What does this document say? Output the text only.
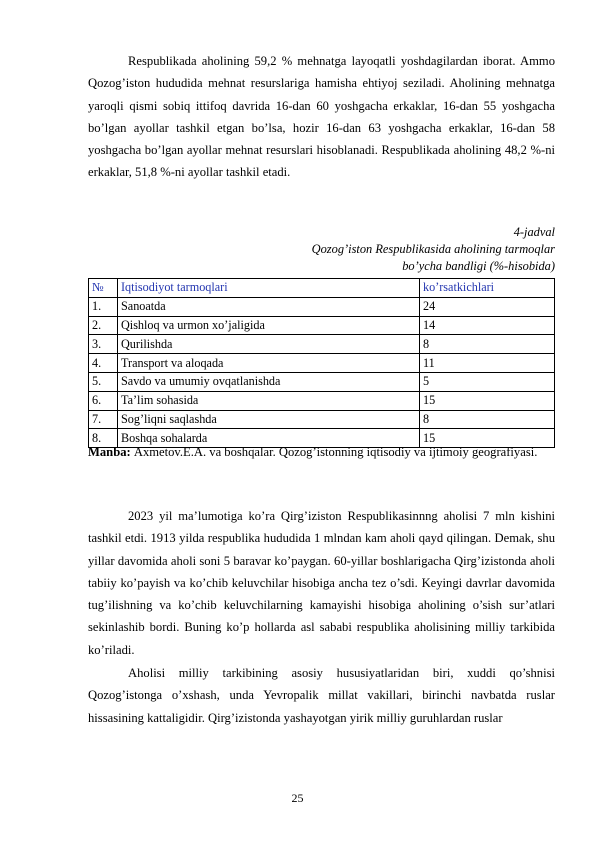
Respublikada aholining 59,2 % mehnatga layoqatli yoshdagilardan iborat. Ammo Qozog’iston hududida mehnat resurslariga hamisha ehtiyoj seziladi. Aholining mehnatga yaroqli qismi sobiq ittifoq davrida 16-dan 60 yoshgacha erkaklar, 16-dan 55 yoshgacha bo’lgan ayollar tashkil etgan bo’lsa, hozir 16-dan 63 yoshgacha erkaklar, 16-dan 58 yoshgacha bo’lgan ayollar mehnat resurslari hisoblanadi. Respublikada aholining 48,2 %-ni erkaklar, 51,8 %-ni ayollar tashkil etadi.

4-jadval

Qozog’iston Respublikasida aholining tarmoqlar

bo’ycha bandligi (%-hisobida)

№	Iqtisodiyot tarmoqlari	ko’rsatkichlari
1.	Sanoatda	24
2.	Qishloq va urmon xo’jaligida	14
3.	Qurilishda	8
4.	Transport va aloqada	11
5.	Savdo va umumiy ovqatlanishda	5
6.	Ta’lim sohasida	15
7.	Sog’liqni saqlashda	8
8.	Boshqa sohalarda	15

Manba: Axmetov.E.A. va boshqalar. Qozog’istonning iqtisodiy va ijtimoiy geografiyasi.

2023 yil ma’lumotiga ko’ra Qirg’iziston Respublikasinnng aholisi 7 mln kishini tashkil etdi. 1913 yilda respublika hududida 1 mlndan kam aholi qayd qilingan. Demak, shu yillar davomida aholi soni 5 baravar ko’paygan. 60-yillar boshlarigacha Qirg’izistonda aholi tabiiy ko’payish va ko’chib keluvchilar hisobiga ancha tez o’sdi. Keyingi davrlar davomida tug’ilishning va ko’chib keluvchilarning kamayishi hisobiga aholining o’sish sur’atlari sekinlashib bordi. Buning ko’p hollarda asl sababi respublika aholisining milliy tarkibida ko’riladi.

Aholisi milliy tarkibining asosiy hususiyatlaridan biri, xuddi qo’shnisi Qozog’istonga o’xshash, unda Yevropalik millat vakillari, birinchi navbatda ruslar hissasining kattaligidir. Qirg’izistonda yashayotgan yirik milliy guruhlardan ruslar

25
